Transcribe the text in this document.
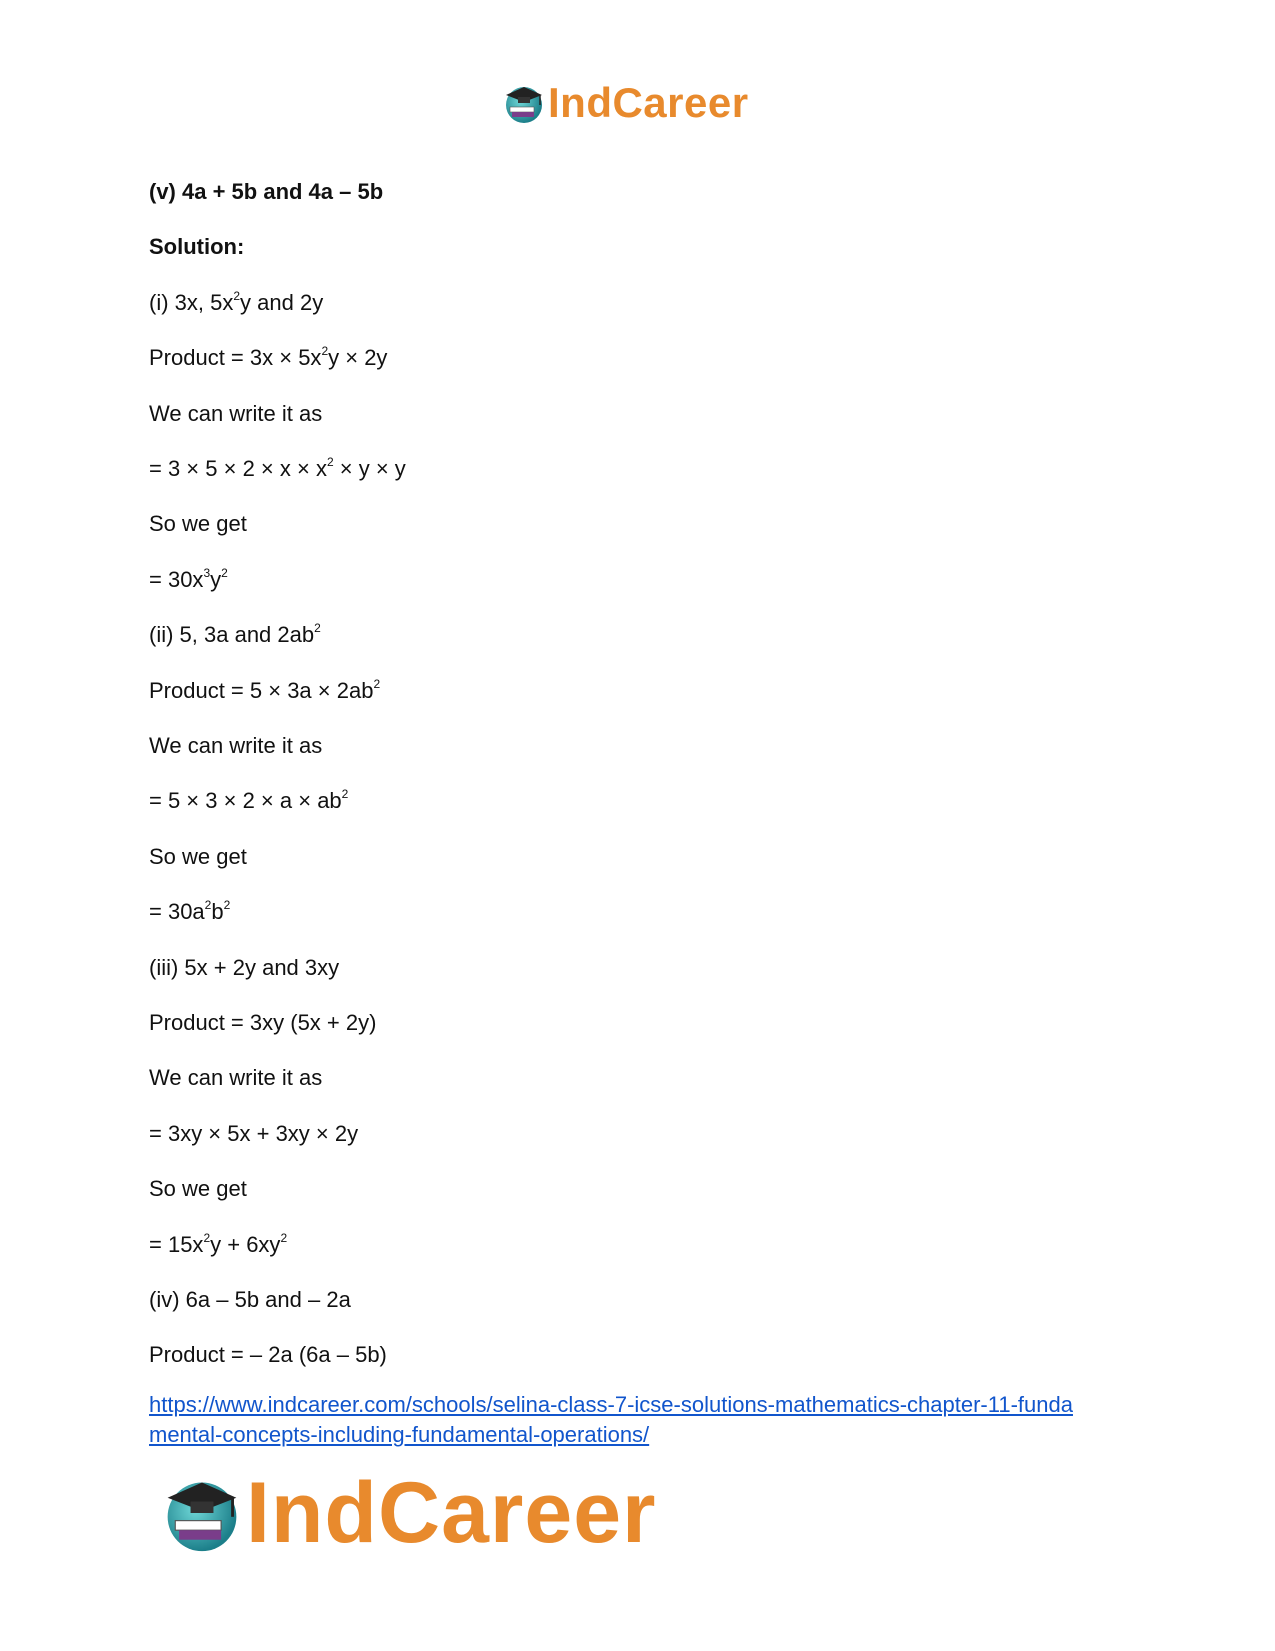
IndCareer
(v) 4a + 5b and 4a – 5b
Solution:
(i) 3x, $5x^2y$ and 2y
Product = $3x \times 5x^2y \times 2y$
We can write it as
= $3 \times 5 \times 2 \times x \times x^2 \times y \times y$
So we get
= $30x^3y^2$
(ii) 5, 3a and $2ab^2$
Product = $5 \times 3a \times 2ab^2$
We can write it as
= $5 \times 3 \times 2 \times a \times ab^2$
So we get
= $30a^2b^2$
(iii) 5x + 2y and 3xy
Product = 3xy (5x + 2y)
We can write it as
= 3xy × 5x + 3xy × 2y
So we get
= $15x^2y + 6xy^2$
(iv) 6a – 5b and – 2a
Product = – 2a (6a – 5b)
https://www.indcareer.com/schools/selina-class-7-icse-solutions-mathematics-chapter-11-funda
mental-concepts-including-fundamental-operations/
IndCareer
